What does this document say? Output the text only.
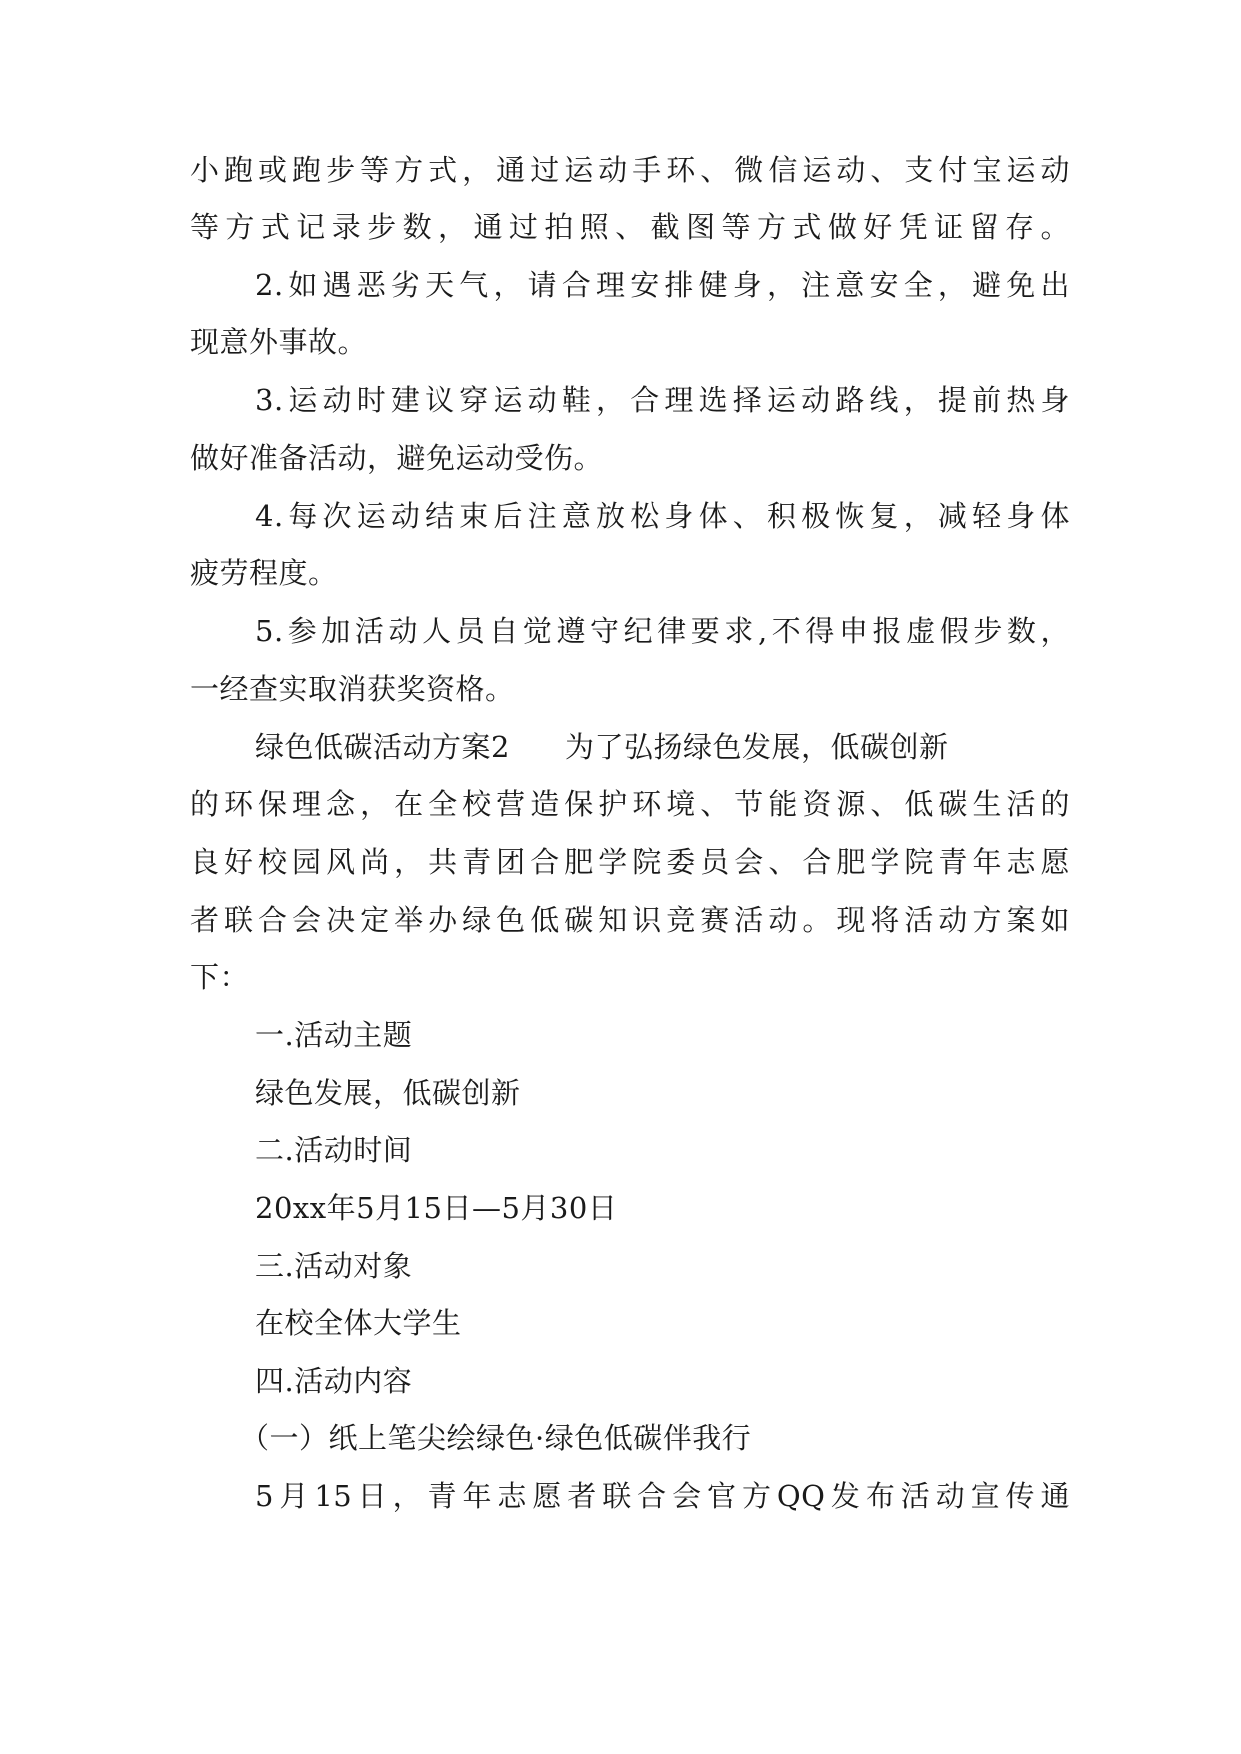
小跑或跑步等方式，通过运动手环、微信运动、支付宝运动
等方式记录步数，通过拍照、截图等方式做好凭证留存。
2.如遇恶劣天气，请合理安排健身，注意安全，避免出
现意外事故。
3.运动时建议穿运动鞋，合理选择运动路线，提前热身
做好准备活动，避免运动受伤。
4.每次运动结束后注意放松身体、积极恢复，减轻身体
疲劳程度。
5.参加活动人员自觉遵守纪律要求,不得申报虚假步数，
一经查实取消获奖资格。
绿色低碳活动方案2 为了弘扬绿色发展，低碳创新
的环保理念，在全校营造保护环境、节能资源、低碳生活的
良好校园风尚，共青团合肥学院委员会、合肥学院青年志愿
者联合会决定举办绿色低碳知识竞赛活动。现将活动方案如
下：
一.活动主题
绿色发展，低碳创新
二.活动时间
20xx年5月15日—5月30日
三.活动对象
在校全体大学生
四.活动内容
（一）纸上笔尖绘绿色·绿色低碳伴我行
5月15日，青年志愿者联合会官方QQ发布活动宣传通
